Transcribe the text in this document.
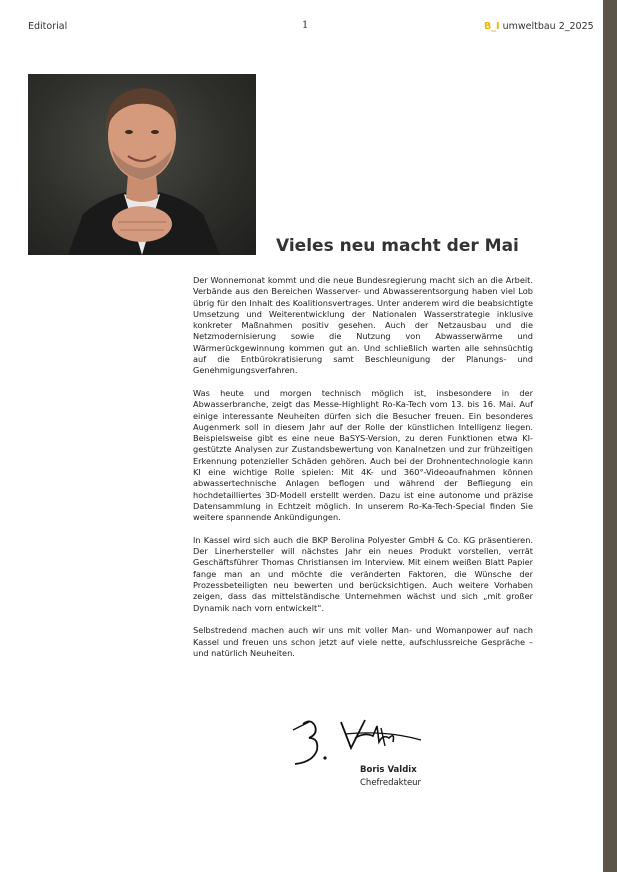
Editorial	1	B_I umweltbau 2_2025
Vieles neu macht der Mai

Der Wonnemonat kommt und die neue Bundesregierung macht sich an die Arbeit. Verbände aus den Bereichen Wasserver- und Abwasserentsorgung haben viel Lob übrig für den Inhalt des Koalitionsvertrages. Unter anderem wird die beabsichtigte Umsetzung und Weiterentwicklung der Nationalen Wasserstrategie inklusive konkreter Maßnahmen positiv gesehen. Auch der Netzausbau und die Netzmodernisierung sowie die Nutzung von Abwasserwärme und Wärmerückgewinnung kommen gut an. Und schließlich warten alle sehnsüchtig auf die Entbürokratisierung samt Beschleunigung der Planungs- und Genehmigungsverfahren.

Was heute und morgen technisch möglich ist, insbesondere in der Abwasserbranche, zeigt das Messe-Highlight Ro-Ka-Tech vom 13. bis 16. Mai. Auf einige interessante Neuheiten dürfen sich die Besucher freuen. Ein besonderes Augenmerk soll in diesem Jahr auf der Rolle der künstlichen Intelligenz liegen. Beispielsweise gibt es eine neue BaSYS-Version, zu deren Funktionen etwa KI-gestützte Analysen zur Zustandsbewertung von Kanalnetzen und zur frühzeitigen Erkennung potenzieller Schäden gehören. Auch bei der Drohnentechnologie kann KI eine wichtige Rolle spielen: Mit 4K- und 360°-Videoaufnahmen können abwassertechnische Anlagen beflogen und während der Befliegung ein hochdetailliertes 3D-Modell erstellt werden. Dazu ist eine autonome und präzise Datensammlung in Echtzeit möglich. In unserem Ro-Ka-Tech-Special finden Sie weitere spannende Ankündigungen.

In Kassel wird sich auch die BKP Berolina Polyester GmbH & Co. KG präsentieren. Der Linerhersteller will nächstes Jahr ein neues Produkt vorstellen, verrät Geschäftsführer Thomas Christiansen im Interview. Mit einem weißen Blatt Papier fange man an und möchte die veränderten Faktoren, die Wünsche der Prozessbeteiligten neu bewerten und berücksichtigen. Auch weitere Vorhaben zeigen, dass das mittelständische Unternehmen wächst und sich „mit großer Dynamik nach vorn entwickelt“.

Selbstredend machen auch wir uns mit voller Man- und Womanpower auf nach Kassel und freuen uns schon jetzt auf viele nette, aufschlussreiche Gespräche – und natürlich Neuheiten.

Boris Valdix
Chefredakteur
